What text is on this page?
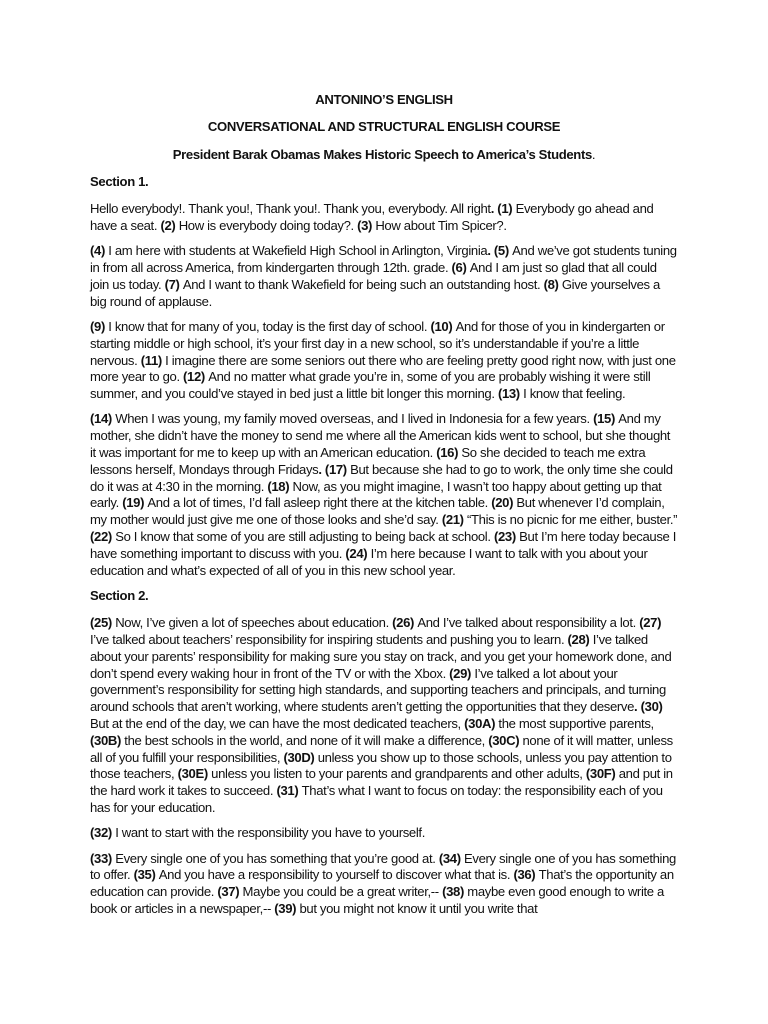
ANTONINO’S ENGLISH
CONVERSATIONAL AND STRUCTURAL ENGLISH COURSE
President Barak Obamas Makes Historic Speech to America’s Students.
Section 1.

Hello everybody!. Thank you!, Thank you!. Thank you, everybody. All right. (1) Everybody go ahead and have a seat. (2) How is everybody doing today?. (3) How about Tim Spicer?.

(4) I am here with students at Wakefield High School in Arlington, Virginia. (5) And we’ve got students tuning in from all across America, from kindergarten through 12th. grade. (6) And I am just so glad that all could join us today. (7) And I want to thank Wakefield for being such an outstanding host. (8) Give yourselves a big round of applause.

(9) I know that for many of you, today is the first day of school. (10) And for those of you in kindergarten or starting middle or high school, it’s your first day in a new school, so it’s understandable if you’re a little nervous. (11) I imagine there are some seniors out there who are feeling pretty good right now, with just one more year to go. (12) And no matter what grade you’re in, some of you are probably wishing it were still summer, and you could’ve stayed in bed just a little bit longer this morning. (13) I know that feeling.

(14) When I was young, my family moved overseas, and I lived in Indonesia for a few years. (15) And my mother, she didn’t have the money to send me where all the American kids went to school, but she thought it was important for me to keep up with an American education. (16) So she decided to teach me extra lessons herself, Mondays through Fridays. (17) But because she had to go to work, the only time she could do it was at 4:30 in the morning. (18) Now, as you might imagine, I wasn’t too happy about getting up that early. (19) And a lot of times, I’d fall asleep right there at the kitchen table. (20) But whenever I’d complain, my mother would just give me one of those looks and she’d say. (21) “This is no picnic for me either, buster.” (22) So I know that some of you are still adjusting to being back at school. (23) But I’m here today because I have something important to discuss with you. (24) I’m here because I want to talk with you about your education and what’s expected of all of you in this new school year.

Section 2.

(25) Now, I’ve given a lot of speeches about education. (26) And I’ve talked about responsibility a lot. (27) I’ve talked about teachers’ responsibility for inspiring students and pushing you to learn. (28) I’ve talked about your parents’ responsibility for making sure you stay on track, and you get your homework done, and don’t spend every waking hour in front of the TV or with the Xbox. (29) I’ve talked a lot about your government’s responsibility for setting high standards, and supporting teachers and principals, and turning around schools that aren’t working, where students aren’t getting the opportunities that they deserve. (30) But at the end of the day, we can have the most dedicated teachers, (30A) the most supportive parents, (30B) the best schools in the world, and none of it will make a difference, (30C) none of it will matter, unless all of you fulfill your responsibilities, (30D) unless you show up to those schools, unless you pay attention to those teachers, (30E) unless you listen to your parents and grandparents and other adults, (30F) and put in the hard work it takes to succeed. (31) That’s what I want to focus on today: the responsibility each of you has for your education.

(32) I want to start with the responsibility you have to yourself.

(33) Every single one of you has something that you’re good at. (34) Every single one of you has something to offer. (35) And you have a responsibility to yourself to discover what that is. (36) That’s the opportunity an education can provide. (37) Maybe you could be a great writer,-- (38) maybe even good enough to write a book or articles in a newspaper,-- (39) but you might not know it until you write that
